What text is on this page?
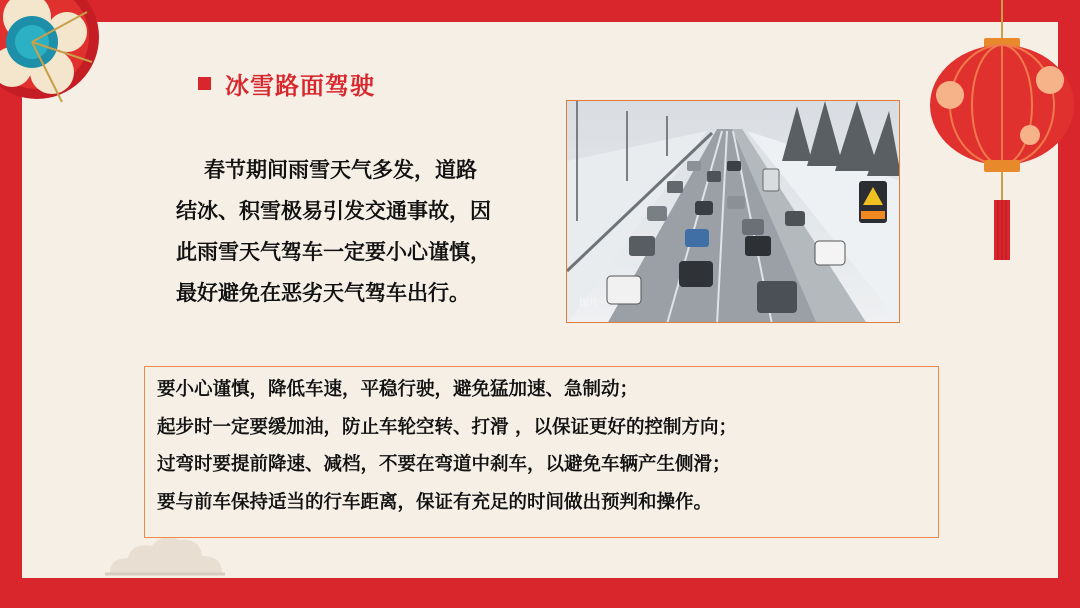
冰雪路面驾驶
春节期间雨雪天气多发，道路
结冰、积雪极易引发交通事故，因
此雨雪天气驾车一定要小心谨慎，
最好避免在恶劣天气驾车出行。	图片
要小心谨慎，降低车速，平稳行驶，避免猛加速、急制动；
起步时一定要缓加油，防止车轮空转、打滑 ，以保证更好的控制方向；
过弯时要提前降速、减档，不要在弯道中刹车，以避免车辆产生侧滑；
要与前车保持适当的行车距离，保证有充足的时间做出预判和操作。
